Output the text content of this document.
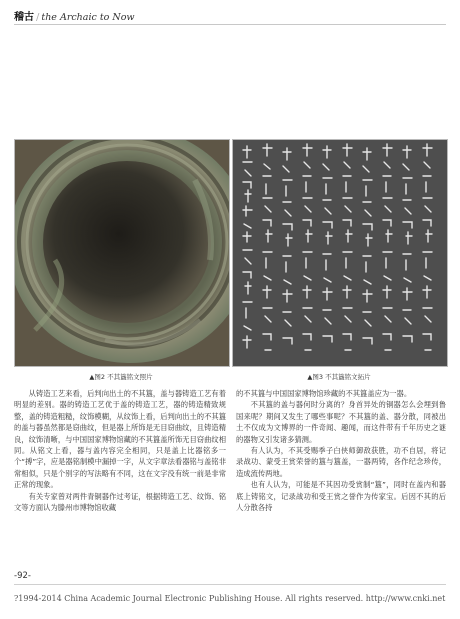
稽古 / the Archaic to Now
▲图2 不其簋铭文照片	▲图3 不其簋铭文拓片

从铸造工艺来看，后判向出土的不其簋，盖与器铸造工艺有着明显的差别。器的铸造工艺优于盖的铸造工艺，器的铸造精致规整，盖的铸造粗糙，纹饰模糊，从纹饰上看，后判向出土的不其簋的盖与器虽然都是窃曲纹，但是器上所饰是无目窃曲纹，且铸造精良，纹饰清晰，与中国国家博物馆藏的不其簋盖所饰无目窃曲纹相同。从铭文上看，器与盖内容完全相同，只是盖上比器铭多一个“搏”字，应是器铭制模中漏掉一字，从文字章法看器铭与盖铭非常相似，只是个别字的写法略有不同，这在文字没有统一前是非常正常的现象。

有关专家曾对两件青铜器作过考证，根据铸造工艺、纹饰、铭文等方面认为滕州市博物馆收藏

的不其簋与中国国家博物馆珍藏的不其簋盖应为一器。

不其簋的盖与器何时分离的？身首异处的铜器怎么会埋到鲁国来呢？期间又发生了哪些事呢？不其簋的盖、器分散，同被出土不仅成为文博界的一件奇闻、趣闻，而这件带有千年历史之谜的器物又引发诸多猜测。

有人认为，不其受赐季子白侠师御敌获胜，功不自居，将记录战功、蒙受王赏荣誉的簋与簋盖，一器两铸，各作纪念珍传，造成流传两地。

也有人认为，可能是不其因功受赏制“簋”，同时在盖内和器底上铸铭文，记录战功和受王赏之誉作为传家宝。后因不其的后人分散各持

-92-
?1994-2014 China Academic Journal Electronic Publishing House. All rights reserved. http://www.cnki.net
